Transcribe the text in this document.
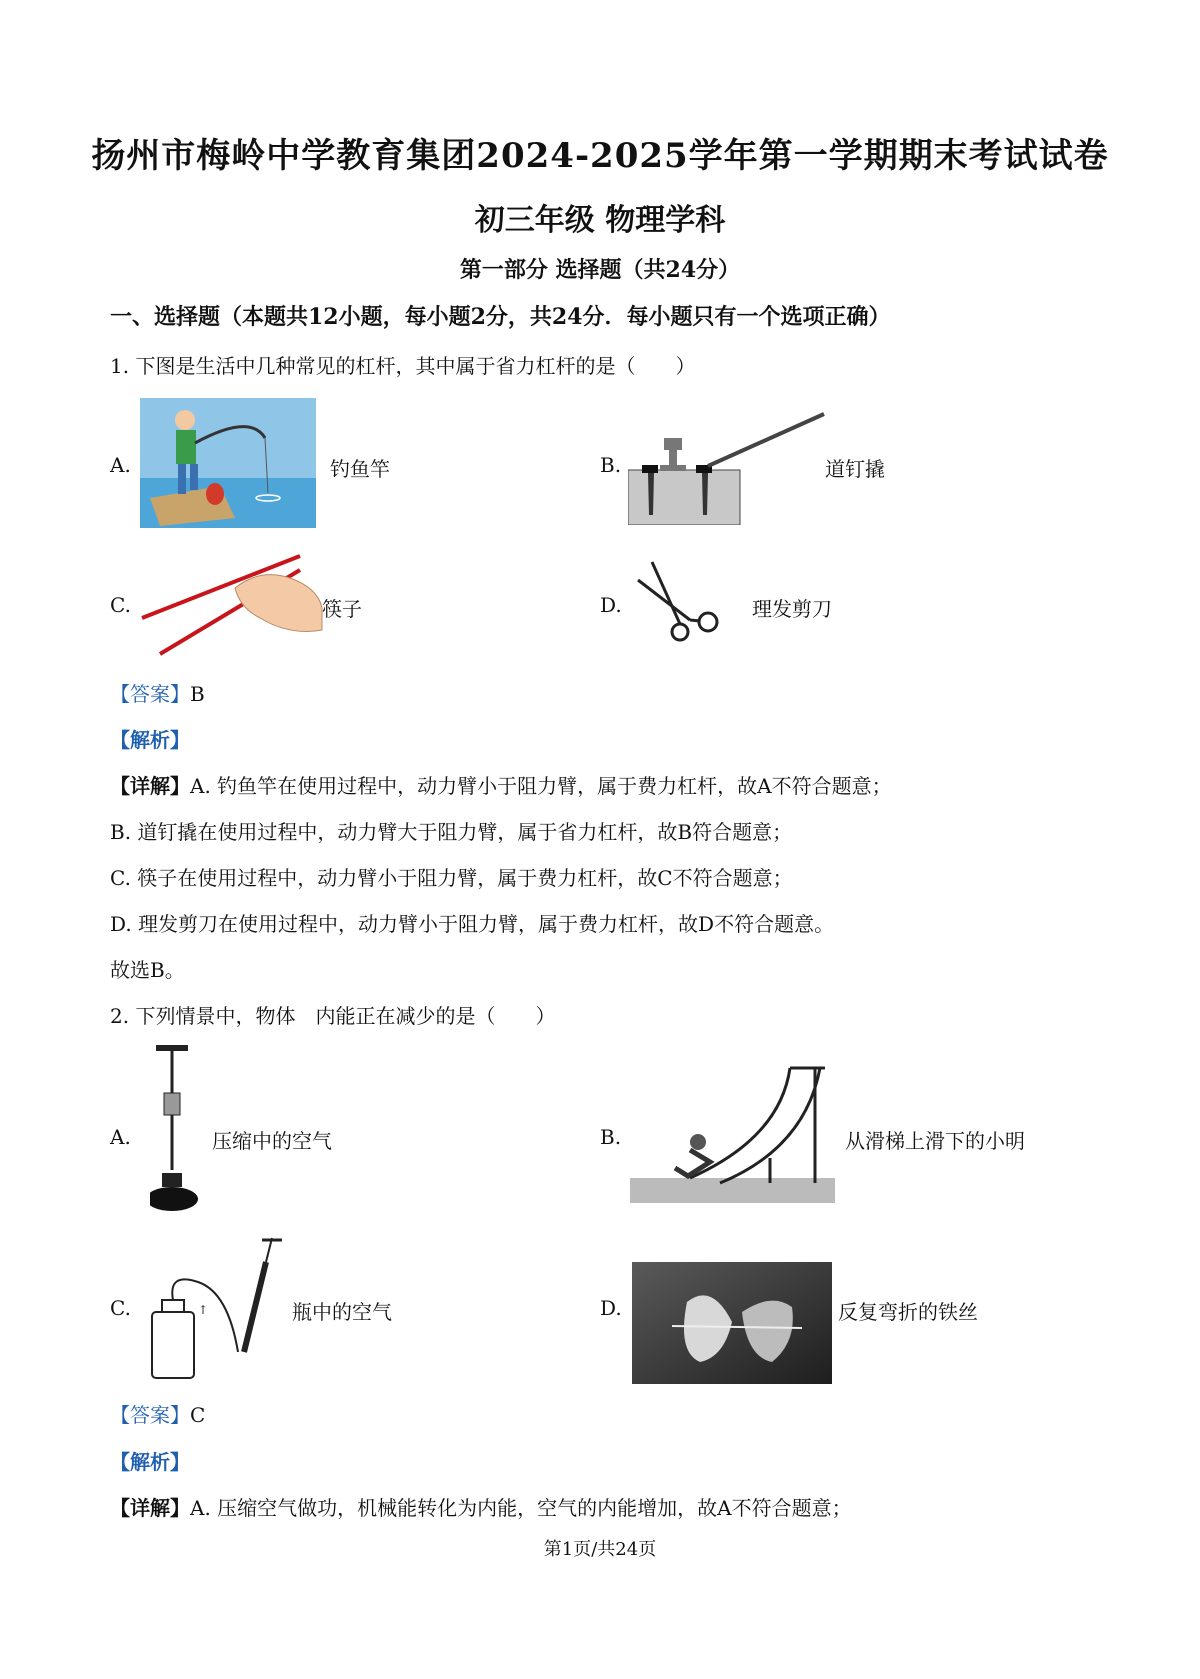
扬州市梅岭中学教育集团2024-2025学年第一学期期末考试试卷
初三年级 物理学科
第一部分 选择题（共24分）
一、选择题（本题共12小题，每小题2分，共24分．每小题只有一个选项正确）
1. 下图是生活中几种常见的杠杆，其中属于省力杠杆的是（　　）
A.	钓鱼竿	B.	道钉撬
C.	筷子	D.	理发剪刀
【答案】B
【解析】
【详解】A. 钓鱼竿在使用过程中，动力臂小于阻力臂，属于费力杠杆，故A不符合题意；
B. 道钉撬在使用过程中，动力臂大于阻力臂，属于省力杠杆，故B符合题意；
C. 筷子在使用过程中，动力臂小于阻力臂，属于费力杠杆，故C不符合题意；
D. 理发剪刀在使用过程中，动力臂小于阻力臂，属于费力杠杆，故D不符合题意。
故选B。
2. 下列情景中，物体　内能正在减少的是（　　）
A.	压缩中的空气	B.	从滑梯上滑下的小明
C.	↑	瓶中的空气	D.	反复弯折的铁丝
【答案】C
【解析】
【详解】A. 压缩空气做功，机械能转化为内能，空气的内能增加，故A不符合题意；
第1页/共24页
